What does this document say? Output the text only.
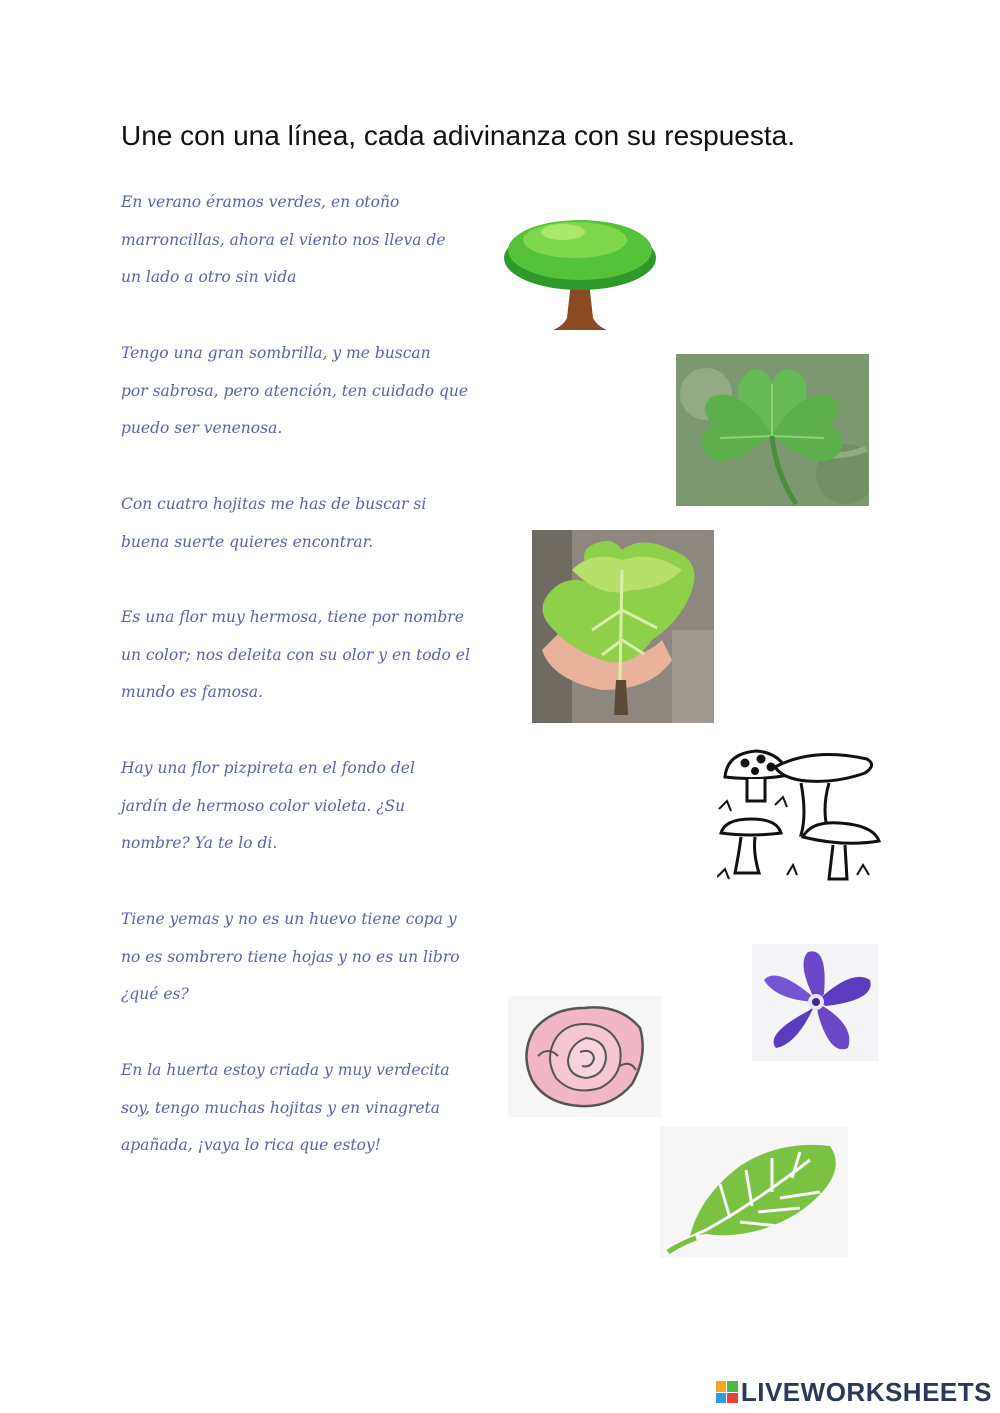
Une con una línea, cada adivinanza con su respuesta.

En verano éramos verdes, en otoño
marroncillas, ahora el viento nos lleva de
un lado a otro sin vida

Tengo una gran sombrilla, y me buscan
por sabrosa, pero atención, ten cuidado que
puedo ser venenosa.

Con cuatro hojitas me has de buscar si
buena suerte quieres encontrar.

Es una flor muy hermosa, tiene por nombre
un color; nos deleita con su olor y en todo el
mundo es famosa.

Hay una flor pizpireta en el fondo del
jardín de hermoso color violeta. ¿Su
nombre? Ya te lo di.

Tiene yemas y no es un huevo tiene copa y
no es sombrero tiene hojas y no es un libro
¿qué es?

En la huerta estoy criada y muy verdecita
soy, tengo muchas hojitas y en vinagreta
apañada, ¡vaya lo rica que estoy!

LIVEWORKSHEETS
